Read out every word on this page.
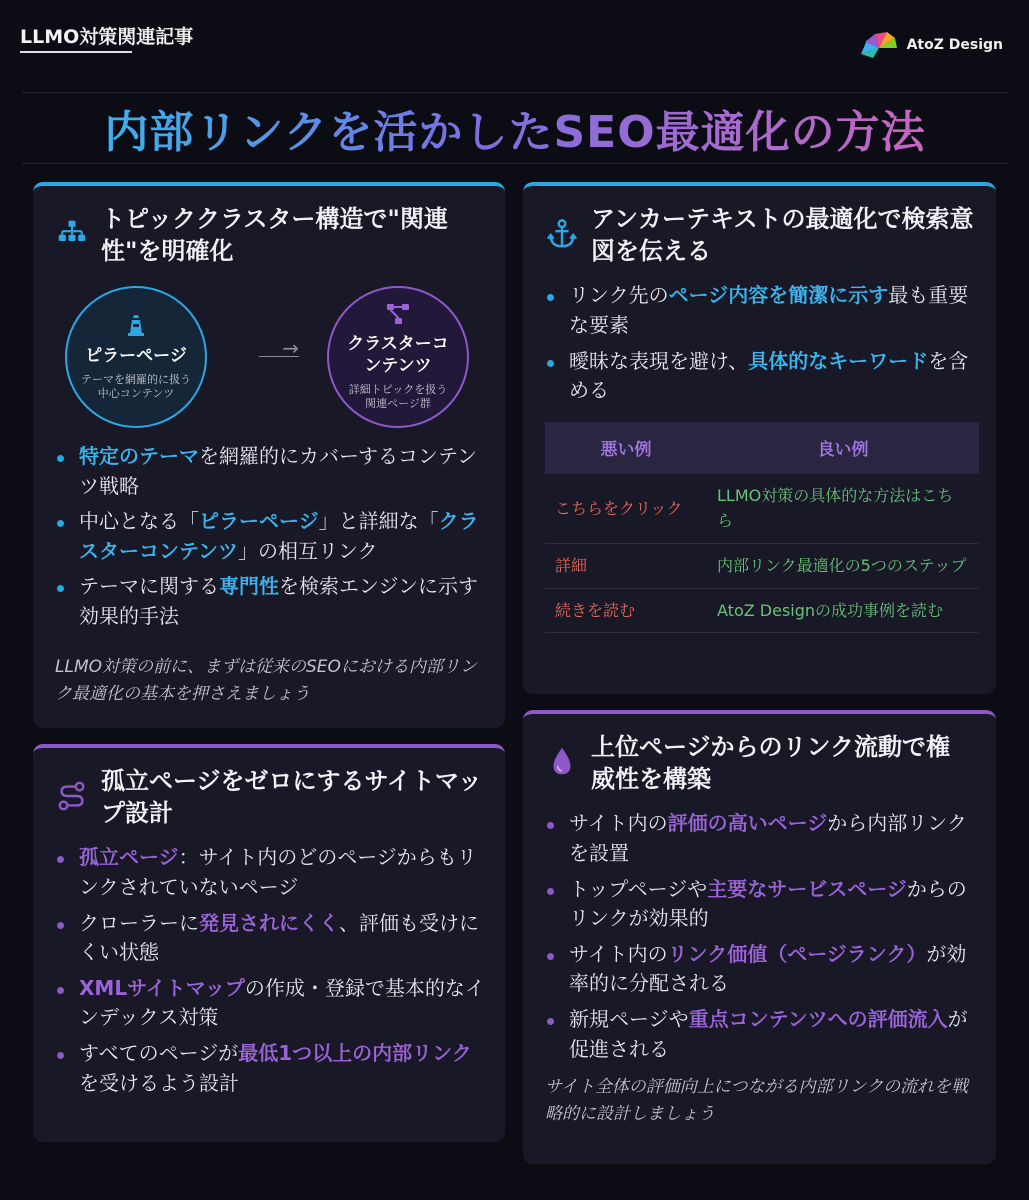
LLMO対策関連記事	AtoZ Design
内部リンクを活かしたSEO最適化の方法
トピッククラスター構造で"関連性"を明確化
ピラーページ
テーマを網羅的に扱う中心コンテンツ
→	クラスターコンテンツ
詳細トピックを扱う関連ページ群
特定のテーマを網羅的にカバーするコンテンツ戦略
中心となる「ピラーページ」と詳細な「クラスターコンテンツ」の相互リンク
テーマに関する専門性を検索エンジンに示す効果的手法
LLMO対策の前に、まずは従来のSEOにおける内部リンク最適化の基本を押さえましょう
アンカーテキストの最適化で検索意図を伝える
リンク先のページ内容を簡潔に示す最も重要な要素
曖昧な表現を避け、具体的なキーワードを含める
悪い例	良い例
こちらをクリック	LLMO対策の具体的な方法はこちら
詳細	内部リンク最適化の5つのステップ
続きを読む	AtoZ Designの成功事例を読む
孤立ページをゼロにするサイトマップ設計
孤立ページ：サイト内のどのページからもリンクされていないページ
クローラーに発見されにくく、評価も受けにくい状態
XMLサイトマップの作成・登録で基本的なインデックス対策
すべてのページが最低1つ以上の内部リンクを受けるよう設計
上位ページからのリンク流動で権威性を構築
サイト内の評価の高いページから内部リンクを設置
トップページや主要なサービスページからのリンクが効果的
サイト内のリンク価値（ページランク）が効率的に分配される
新規ページや重点コンテンツへの評価流入が促進される
サイト全体の評価向上につながる内部リンクの流れを戦略的に設計しましょう
